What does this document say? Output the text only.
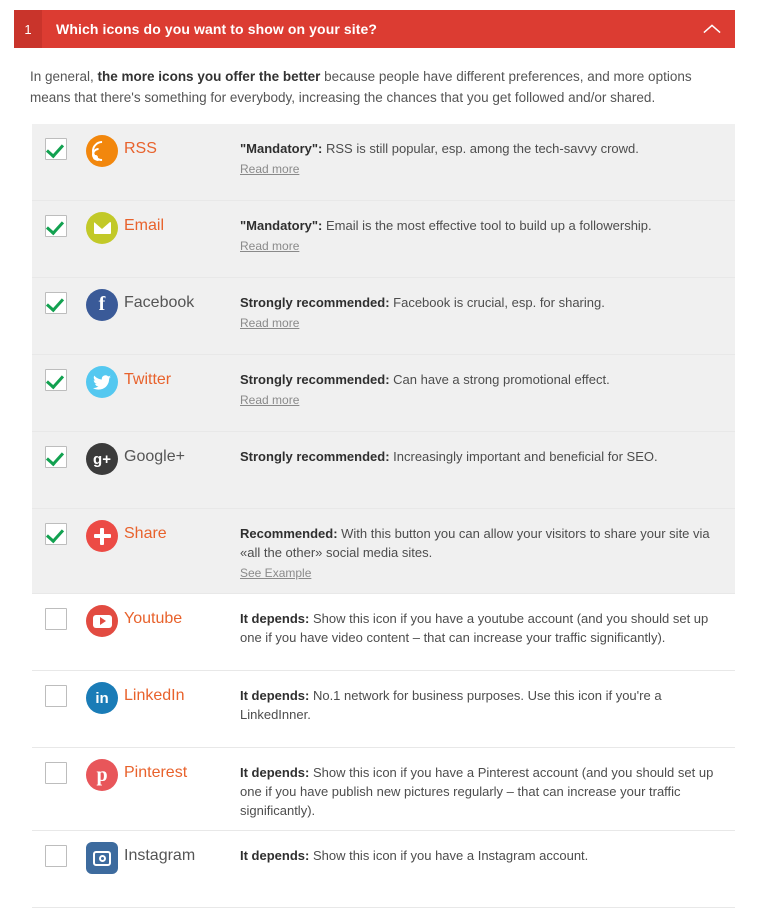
1	Which icons do you want to show on your site?

In general, the more icons you offer the better because people have different preferences, and more options means that there's something for everybody, increasing the chances that you get followed and/or shared.

RSS	"Mandatory": RSS is still popular, esp. among the tech-savvy crowd.
Read more
Email	"Mandatory": Email is the most effective tool to build up a followership.
Read more
f Facebook	Strongly recommended: Facebook is crucial, esp. for sharing.
Read more
Twitter	Strongly recommended: Can have a strong promotional effect.
Read more
g+ Google+	Strongly recommended: Increasingly important and beneficial for SEO.
Share	Recommended: With this button you can allow your visitors to share your site via «all the other» social media sites.
See Example
Youtube	It depends: Show this icon if you have a youtube account (and you should set up one if you have video content – that can increase your traffic significantly).
in LinkedIn	It depends: No.1 network for business purposes. Use this icon if you're a LinkedInner.
p Pinterest	It depends: Show this icon if you have a Pinterest account (and you should set up one if you have publish new pictures regularly – that can increase your traffic significantly).
Instagram	It depends: Show this icon if you have a Instagram account.
